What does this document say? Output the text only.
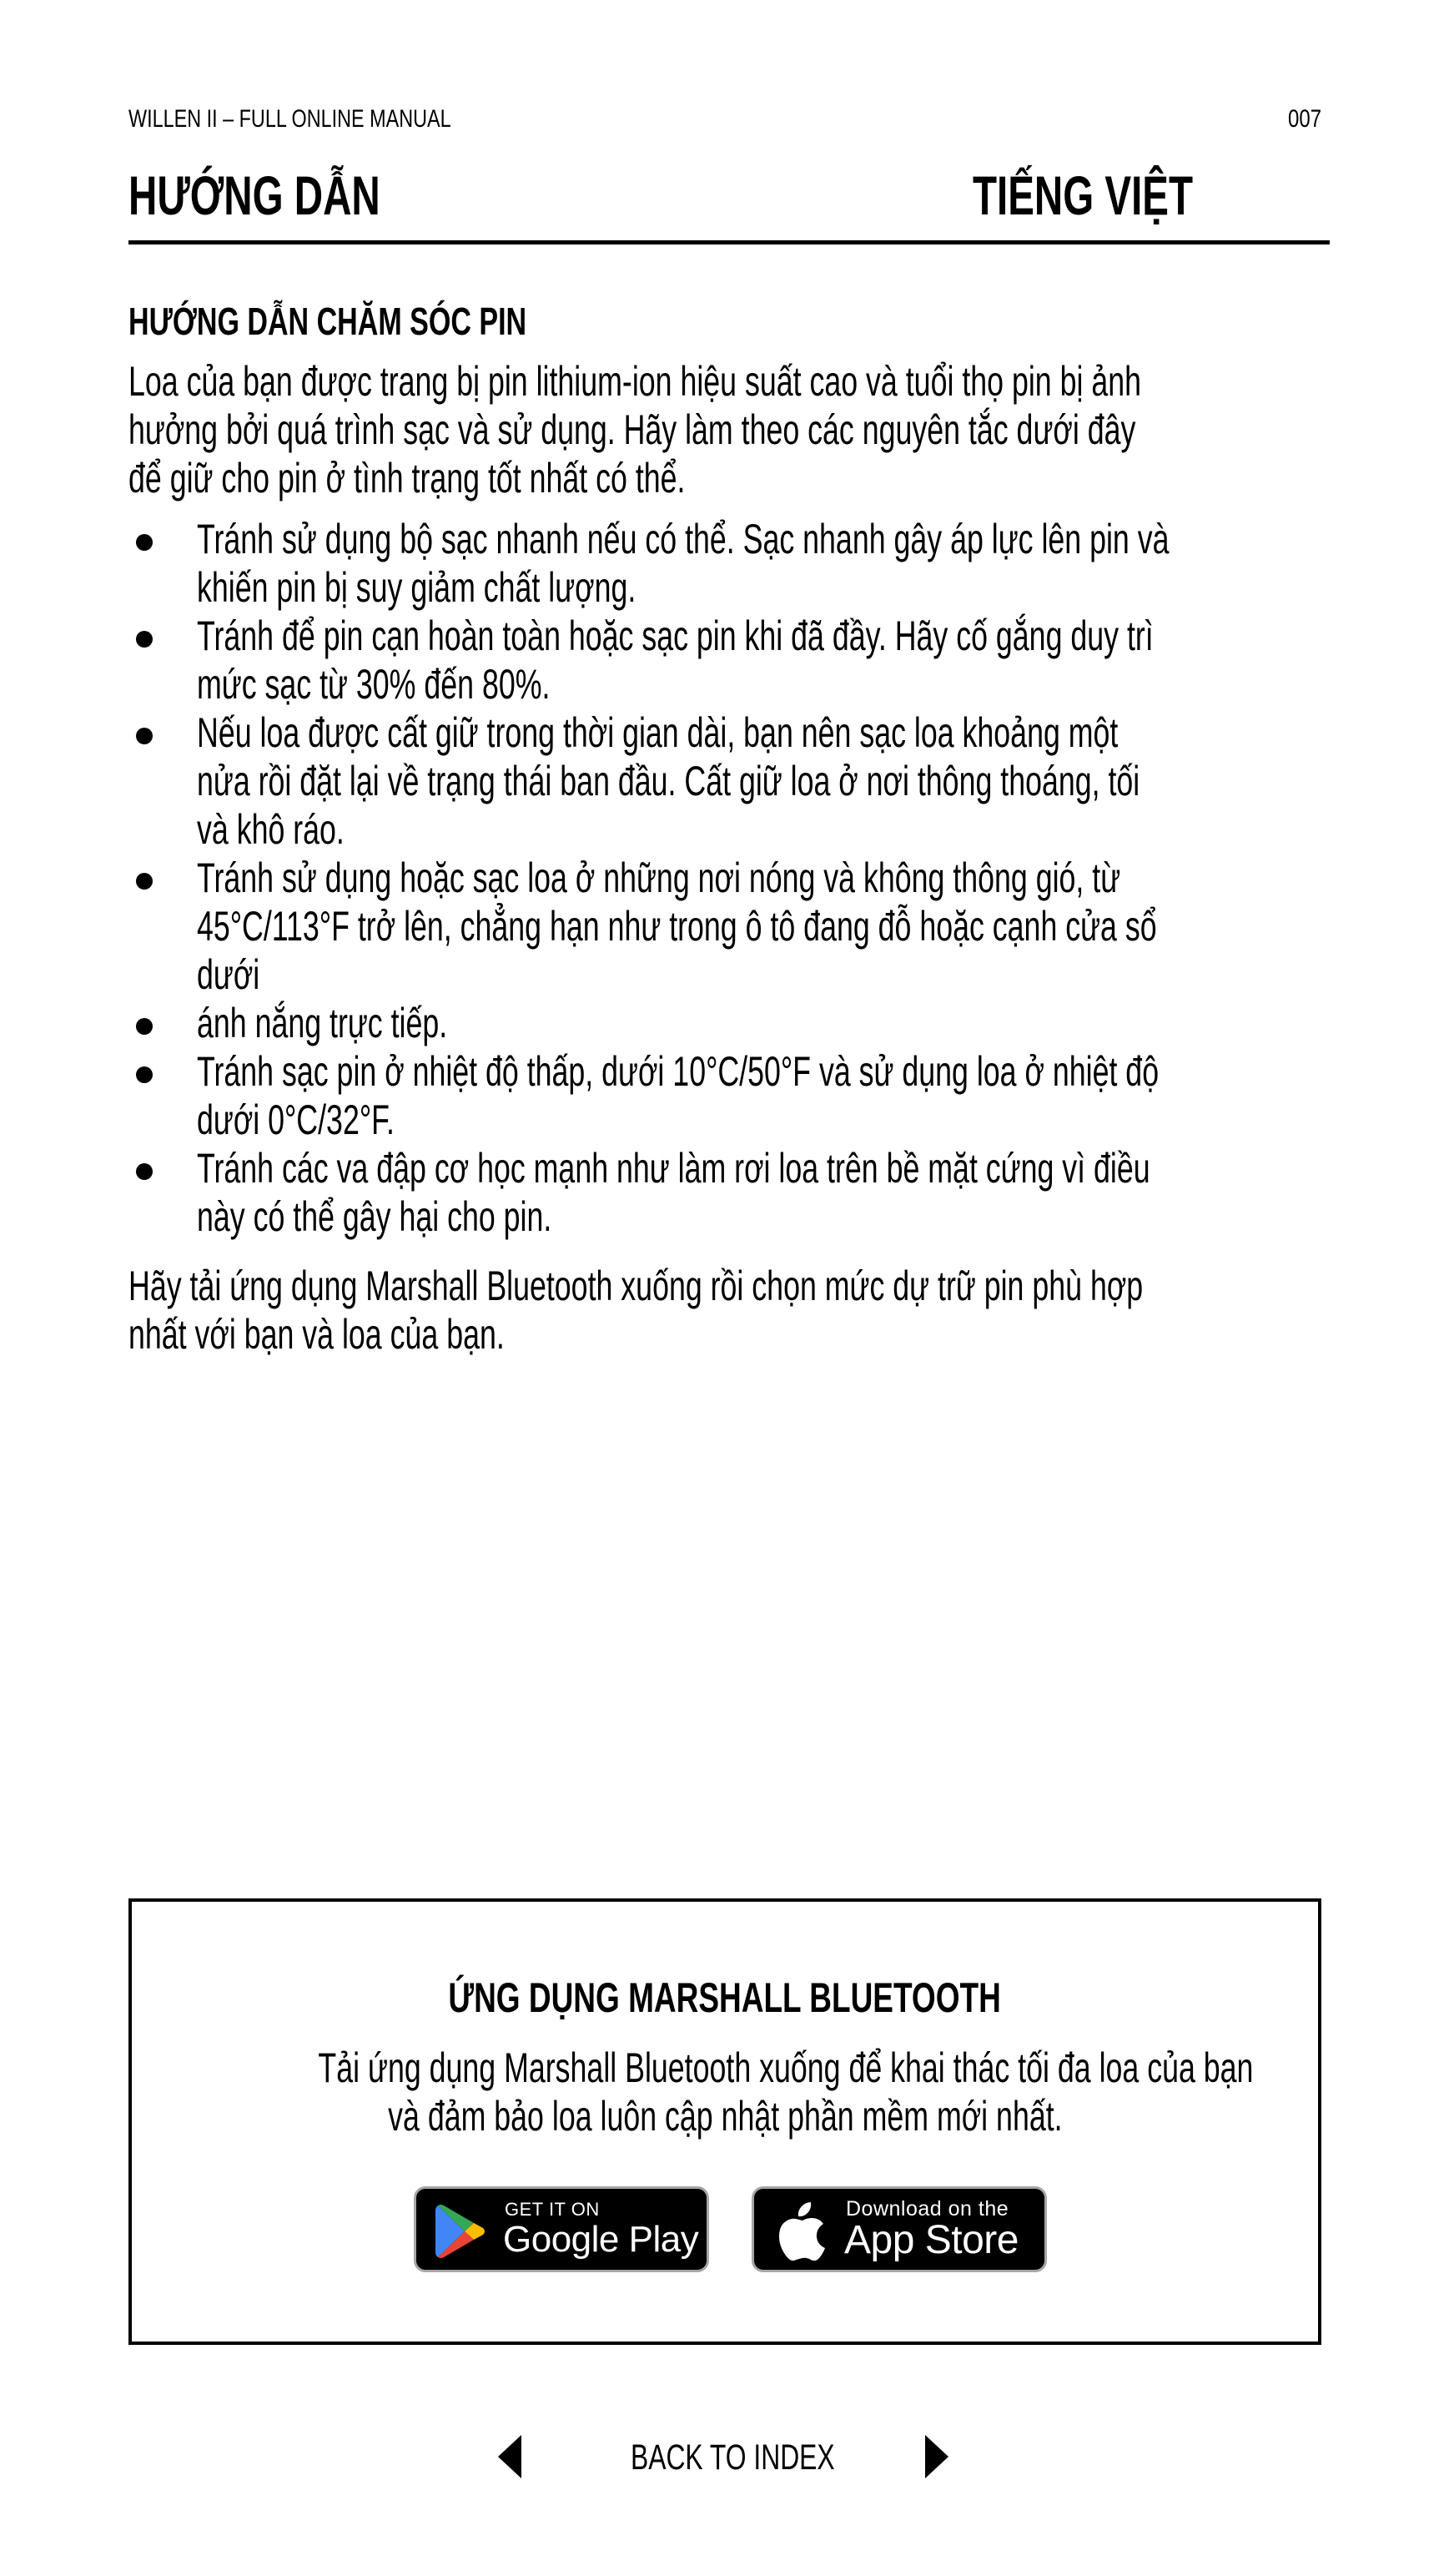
WILLEN II – FULL ONLINE MANUAL	007
HƯỚNG DẪN	TIẾNG VIỆT
HƯỚNG DẪN CHĂM SÓC PIN
Loa của bạn được trang bị pin lithium-ion hiệu suất cao và tuổi thọ pin bị ảnh
hưởng bởi quá trình sạc và sử dụng. Hãy làm theo các nguyên tắc dưới đây
để giữ cho pin ở tình trạng tốt nhất có thể.
Tránh sử dụng bộ sạc nhanh nếu có thể. Sạc nhanh gây áp lực lên pin và
khiến pin bị suy giảm chất lượng.
Tránh để pin cạn hoàn toàn hoặc sạc pin khi đã đầy. Hãy cố gắng duy trì
mức sạc từ 30% đến 80%.
Nếu loa được cất giữ trong thời gian dài, bạn nên sạc loa khoảng một
nửa rồi đặt lại về trạng thái ban đầu. Cất giữ loa ở nơi thông thoáng, tối
và khô ráo.
Tránh sử dụng hoặc sạc loa ở những nơi nóng và không thông gió, từ
45°C/113°F trở lên, chẳng hạn như trong ô tô đang đỗ hoặc cạnh cửa sổ
dưới
ánh nắng trực tiếp.
Tránh sạc pin ở nhiệt độ thấp, dưới 10°C/50°F và sử dụng loa ở nhiệt độ
dưới 0°C/32°F.
Tránh các va đập cơ học mạnh như làm rơi loa trên bề mặt cứng vì điều
này có thể gây hại cho pin.
Hãy tải ứng dụng Marshall Bluetooth xuống rồi chọn mức dự trữ pin phù hợp
nhất với bạn và loa của bạn.
ỨNG DỤNG MARSHALL BLUETOOTH
Tải ứng dụng Marshall Bluetooth xuống để khai thác tối đa loa của bạn
và đảm bảo loa luôn cập nhật phần mềm mới nhất.
GET IT ON
Google Play
Download on the
App Store
BACK TO INDEX
